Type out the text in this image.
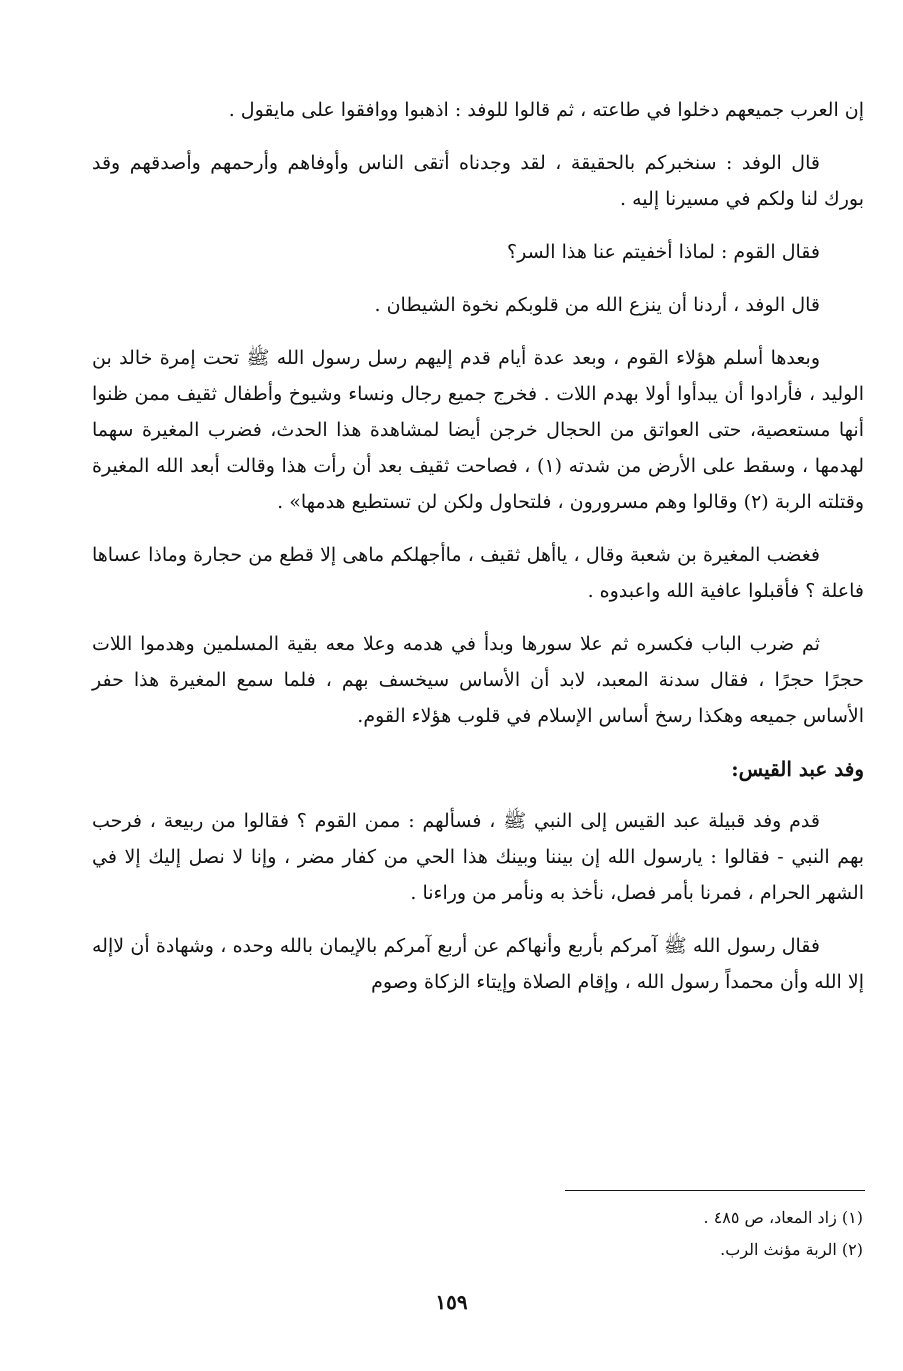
إن العرب جميعهم دخلوا في طاعته ، ثم قالوا للوفد : اذهبوا ووافقوا على مايقول .

قال الوفد : سنخبركم بالحقيقة ، لقد وجدناه أتقى الناس وأوفاهم وأرحمهم وأصدقهم وقد بورك لنا ولكم في مسيرنا إليه .

فقال القوم : لماذا أخفيتم عنا هذا السر؟

قال الوفد ، أردنا أن ينزع الله من قلوبكم نخوة الشيطان .

وبعدها أسلم هؤلاء القوم ، وبعد عدة أيام قدم إليهم رسل رسول الله ﷺ تحت إمرة خالد بن الوليد ، فأرادوا أن يبدأوا أولا بهدم اللات . فخرج جميع رجال ونساء وشيوخ وأطفال ثقيف ممن ظنوا أنها مستعصية، حتى العواتق من الحجال خرجن أيضا لمشاهدة هذا الحدث، فضرب المغيرة سهما لهدمها ، وسقط على الأرض من شدته (١) ، فصاحت ثقيف بعد أن رأت هذا وقالت أبعد الله المغيرة وقتلته الربة (٢) وقالوا وهم مسرورون ، فلتحاول ولكن لن تستطيع هدمها» .

فغضب المغيرة بن شعبة وقال ، ياأهل ثقيف ، ماأجهلكم ماهى إلا قطع من حجارة وماذا عساها فاعلة ؟ فأقبلوا عافية الله واعبدوه .

ثم ضرب الباب فكسره ثم علا سورها وبدأ في هدمه وعلا معه بقية المسلمين وهدموا اللات حجرًا حجرًا ، فقال سدنة المعبد، لابد أن الأساس سيخسف بهم ، فلما سمع المغيرة هذا حفر الأساس جميعه وهكذا رسخ أساس الإسلام في قلوب هؤلاء القوم.

وفد عبد القيس:

قدم وفد قبيلة عبد القيس إلى النبي ﷺ ، فسألهم : ممن القوم ؟ فقالوا من ربيعة ، فرحب بهم النبي - فقالوا : يارسول الله إن بيننا وبينك هذا الحي من كفار مضر ، وإنا لا نصل إليك إلا في الشهر الحرام ، فمرنا بأمر فصل، نأخذ به ونأمر من وراءنا .

فقال رسول الله ﷺ آمركم بأربع وأنهاكم عن أربع آمركم بالإيمان بالله وحده ، وشهادة أن لاإله إلا الله وأن محمداً رسول الله ، وإقام الصلاة وإيتاء الزكاة وصوم

(١) زاد المعاد، ص ٤٨٥ .

(٢) الربة مؤنث الرب.

١٥٩
